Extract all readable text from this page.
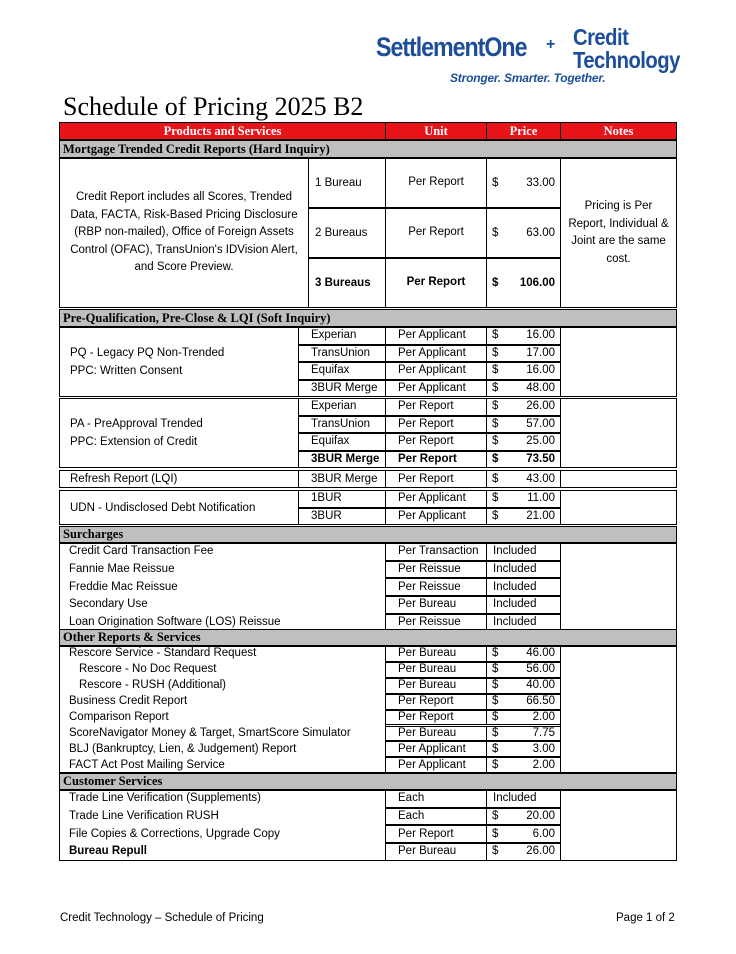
SettlementOne + Credit
Technology
Stronger. Smarter. Together.
Schedule of Pricing 2025 B2
Products and Services	Unit	Price	Notes
Mortgage Trended Credit Reports (Hard Inquiry)
Credit Report includes all Scores, Trended Data, FACTA, Risk-Based Pricing Disclosure (RBP non-mailed), Office of Foreign Assets Control (OFAC), TransUnion's IDVision Alert, and Score Preview.
Pricing is Per Report, Individual & Joint are the same cost.
1 Bureau	Per Report	$ 33.00
2 Bureaus	Per Report	$ 63.00
3 Bureaus	Per Report	$ 106.00
Pre-Qualification, Pre-Close & LQI (Soft Inquiry)
PQ - Legacy PQ Non-Trended
PPC: Written Consent
Experian	Per Applicant	$ 16.00
TransUnion	Per Applicant	$ 17.00
Equifax	Per Applicant	$ 16.00
3BUR Merge	Per Applicant	$ 48.00
PA - PreApproval Trended
PPC: Extension of Credit
Experian	Per Report	$ 26.00
TransUnion	Per Report	$ 57.00
Equifax	Per Report	$ 25.00
3BUR Merge	Per Report	$ 73.50
Refresh Report (LQI)	3BUR Merge	Per Report	$ 43.00
UDN - Undisclosed Debt Notification
1BUR	Per Applicant	$ 11.00
3BUR	Per Applicant	$ 21.00
Surcharges
Credit Card Transaction Fee	Per Transaction	Included
Fannie Mae Reissue	Per Reissue	Included
Freddie Mac Reissue	Per Reissue	Included
Secondary Use	Per Bureau	Included
Loan Origination Software (LOS) Reissue	Per Reissue	Included
Other Reports & Services
Rescore Service - Standard Request	Per Bureau	$ 46.00
Rescore - No Doc Request	Per Bureau	$ 56.00
Rescore - RUSH (Additional)	Per Bureau	$ 40.00
Business Credit Report	Per Report	$ 66.50
Comparison Report	Per Report	$	2.00
ScoreNavigator Money & Target, SmartScore Simulator	Per Bureau	$	7.75
BLJ (Bankruptcy, Lien, & Judgement) Report	Per Applicant	$	3.00
FACT Act Post Mailing Service	Per Applicant	$	2.00
Customer Services
Trade Line Verification (Supplements)	Each	Included
Trade Line Verification RUSH	Each	$ 20.00
File Copies & Corrections, Upgrade Copy	Per Report	$	6.00
Bureau Repull	Per Bureau	$ 26.00
Credit Technology – Schedule of Pricing	Page 1 of 2
